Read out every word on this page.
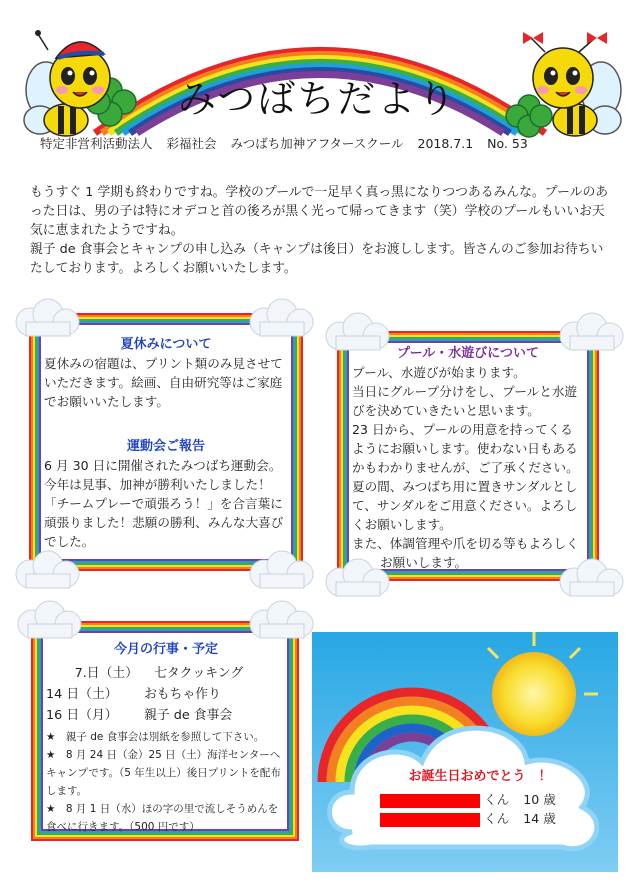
みつばちだより
特定非営利活動法人 彩福社会 みつばち加神アフタースクール 2018.7.1 No. 53

もうすぐ 1 学期も終わりですね。学校のプールで一足早く真っ黒になりつつあるみんな。プールのあった日は、男の子は特にオデコと首の後ろが黒く光って帰ってきます（笑）学校のプールもいいお天気に恵まれたようですね。

親子 de 食事会とキャンプの申し込み（キャンプは後日）をお渡しします。皆さんのご参加お待ちいたしております。よろしくお願いいたします。

夏休みについて
夏休みの宿題は、プリント類のみ見させていただきます。絵画、自由研究等はご家庭でお願いいたします。
運動会ご報告
6 月 30 日に開催されたみつばち運動会。今年は見事、加神が勝利いたしました！「チームプレーで頑張ろう！」を合言葉に頑張りました！悲願の勝利、みんな大喜びでした。
プール・水遊びについて

プール、水遊びが始まります。

当日にグループ分けをし、プールと水遊びを決めていきたいと思います。

23 日から、プールの用意を持ってくるようにお願いします。使わない日もあるかもわかりませんが、ご了承ください。

夏の間、みつばち用に置きサンダルとして、サンダルをご用意ください。よろしくお願いします。

また、体調管理や爪を切る等もよろしく

お願いします。

今月の行事・予定
7.日（土） 七タクッキング
14 日（土） おもちゃ作り
16 日（月） 親子 de 食事会
★　親子 de 食事会は別紙を参照して下さい。
★　8 月 24 日（金）25 日（土）海洋センターへキャンプです。（5 年生以上）後日プリントを配布します。
★　8 月 1 日（水）ほの字の里で流しそうめんを食べに行きます。（500 円です）
お誕生日おめでとう　！
くん 10 歳
くん 14 歳
